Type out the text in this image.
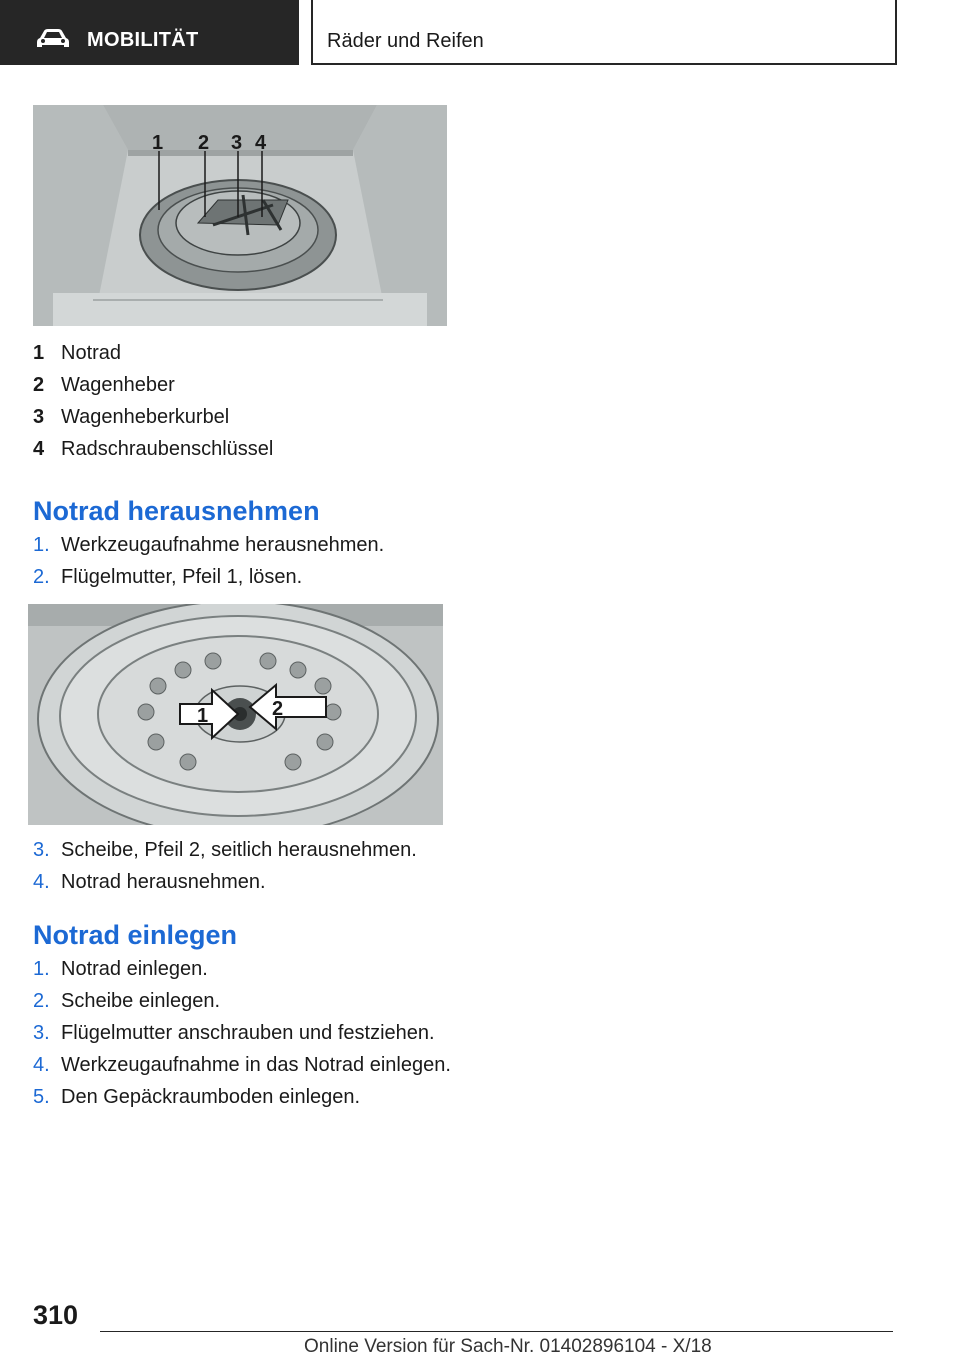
MOBILITÄT	Räder und Reifen
1 2 3 4
1 Notrad
2 Wagenheber
3 Wagenheberkurbel
4 Radschraubenschlüssel
Notrad herausnehmen
1. Werkzeugaufnahme herausnehmen.
2. Flügelmutter, Pfeil 1, lösen.
1	2
3. Scheibe, Pfeil 2, seitlich herausnehmen.
4. Notrad herausnehmen.
Notrad einlegen
1. Notrad einlegen.
2. Scheibe einlegen.
3. Flügelmutter anschrauben und festziehen.
4. Werkzeugaufnahme in das Notrad einlegen.
5. Den Gepäckraumboden einlegen.
310
Online Version für Sach-Nr. 01402896104 - X/18
